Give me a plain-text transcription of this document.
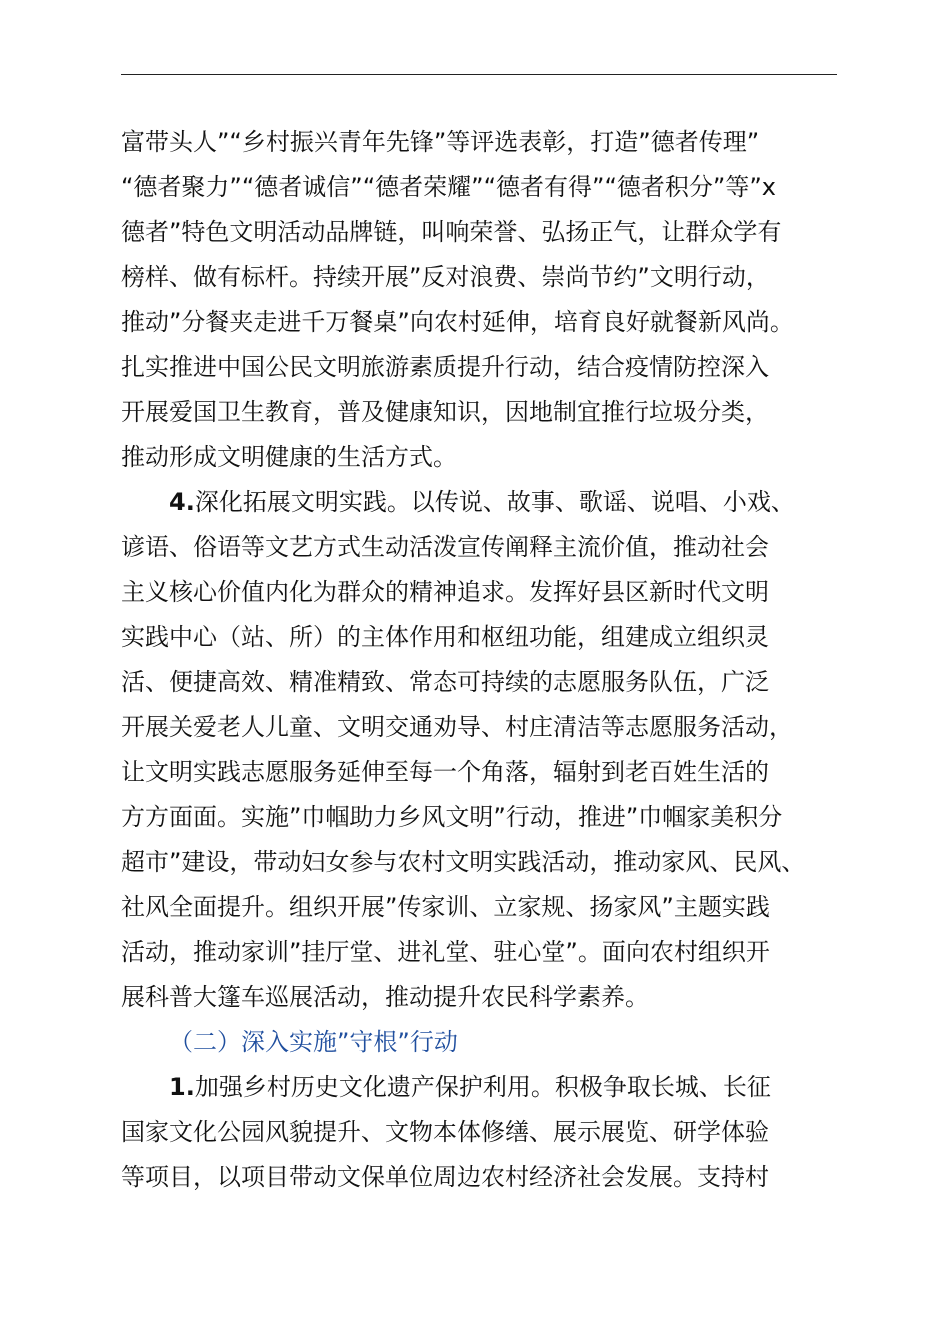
富带头人”“乡村振兴青年先锋”等评选表彰，打造”德者传理”
“德者聚力”“德者诚信”“德者荣耀”“德者有得”“德者积分”等”x
德者”特色文明活动品牌链，叫响荣誉、弘扬正气，让群众学有
榜样、做有标杆。持续开展”反对浪费、崇尚节约”文明行动，
推动”分餐夹走进千万餐桌”向农村延伸，培育良好就餐新风尚。
扎实推进中国公民文明旅游素质提升行动，结合疫情防控深入
开展爱国卫生教育，普及健康知识，因地制宜推行垃圾分类，
推动形成文明健康的生活方式。
4.深化拓展文明实践。以传说、故事、歌谣、说唱、小戏、
谚语、俗语等文艺方式生动活泼宣传阐释主流价值，推动社会
主义核心价值内化为群众的精神追求。发挥好县区新时代文明
实践中心（站、所）的主体作用和枢纽功能，组建成立组织灵
活、便捷高效、精准精致、常态可持续的志愿服务队伍，广泛
开展关爱老人儿童、文明交通劝导、村庄清洁等志愿服务活动，
让文明实践志愿服务延伸至每一个角落，辐射到老百姓生活的
方方面面。实施”巾帼助力乡风文明”行动，推进”巾帼家美积分
超市”建设，带动妇女参与农村文明实践活动，推动家风、民风、
社风全面提升。组织开展”传家训、立家规、扬家风”主题实践
活动，推动家训”挂厅堂、进礼堂、驻心堂”。面向农村组织开
展科普大篷车巡展活动，推动提升农民科学素养。
（二）深入实施”守根”行动
1.加强乡村历史文化遗产保护利用。积极争取长城、长征
国家文化公园风貌提升、文物本体修缮、展示展览、研学体验
等项目，以项目带动文保单位周边农村经济社会发展。支持村
